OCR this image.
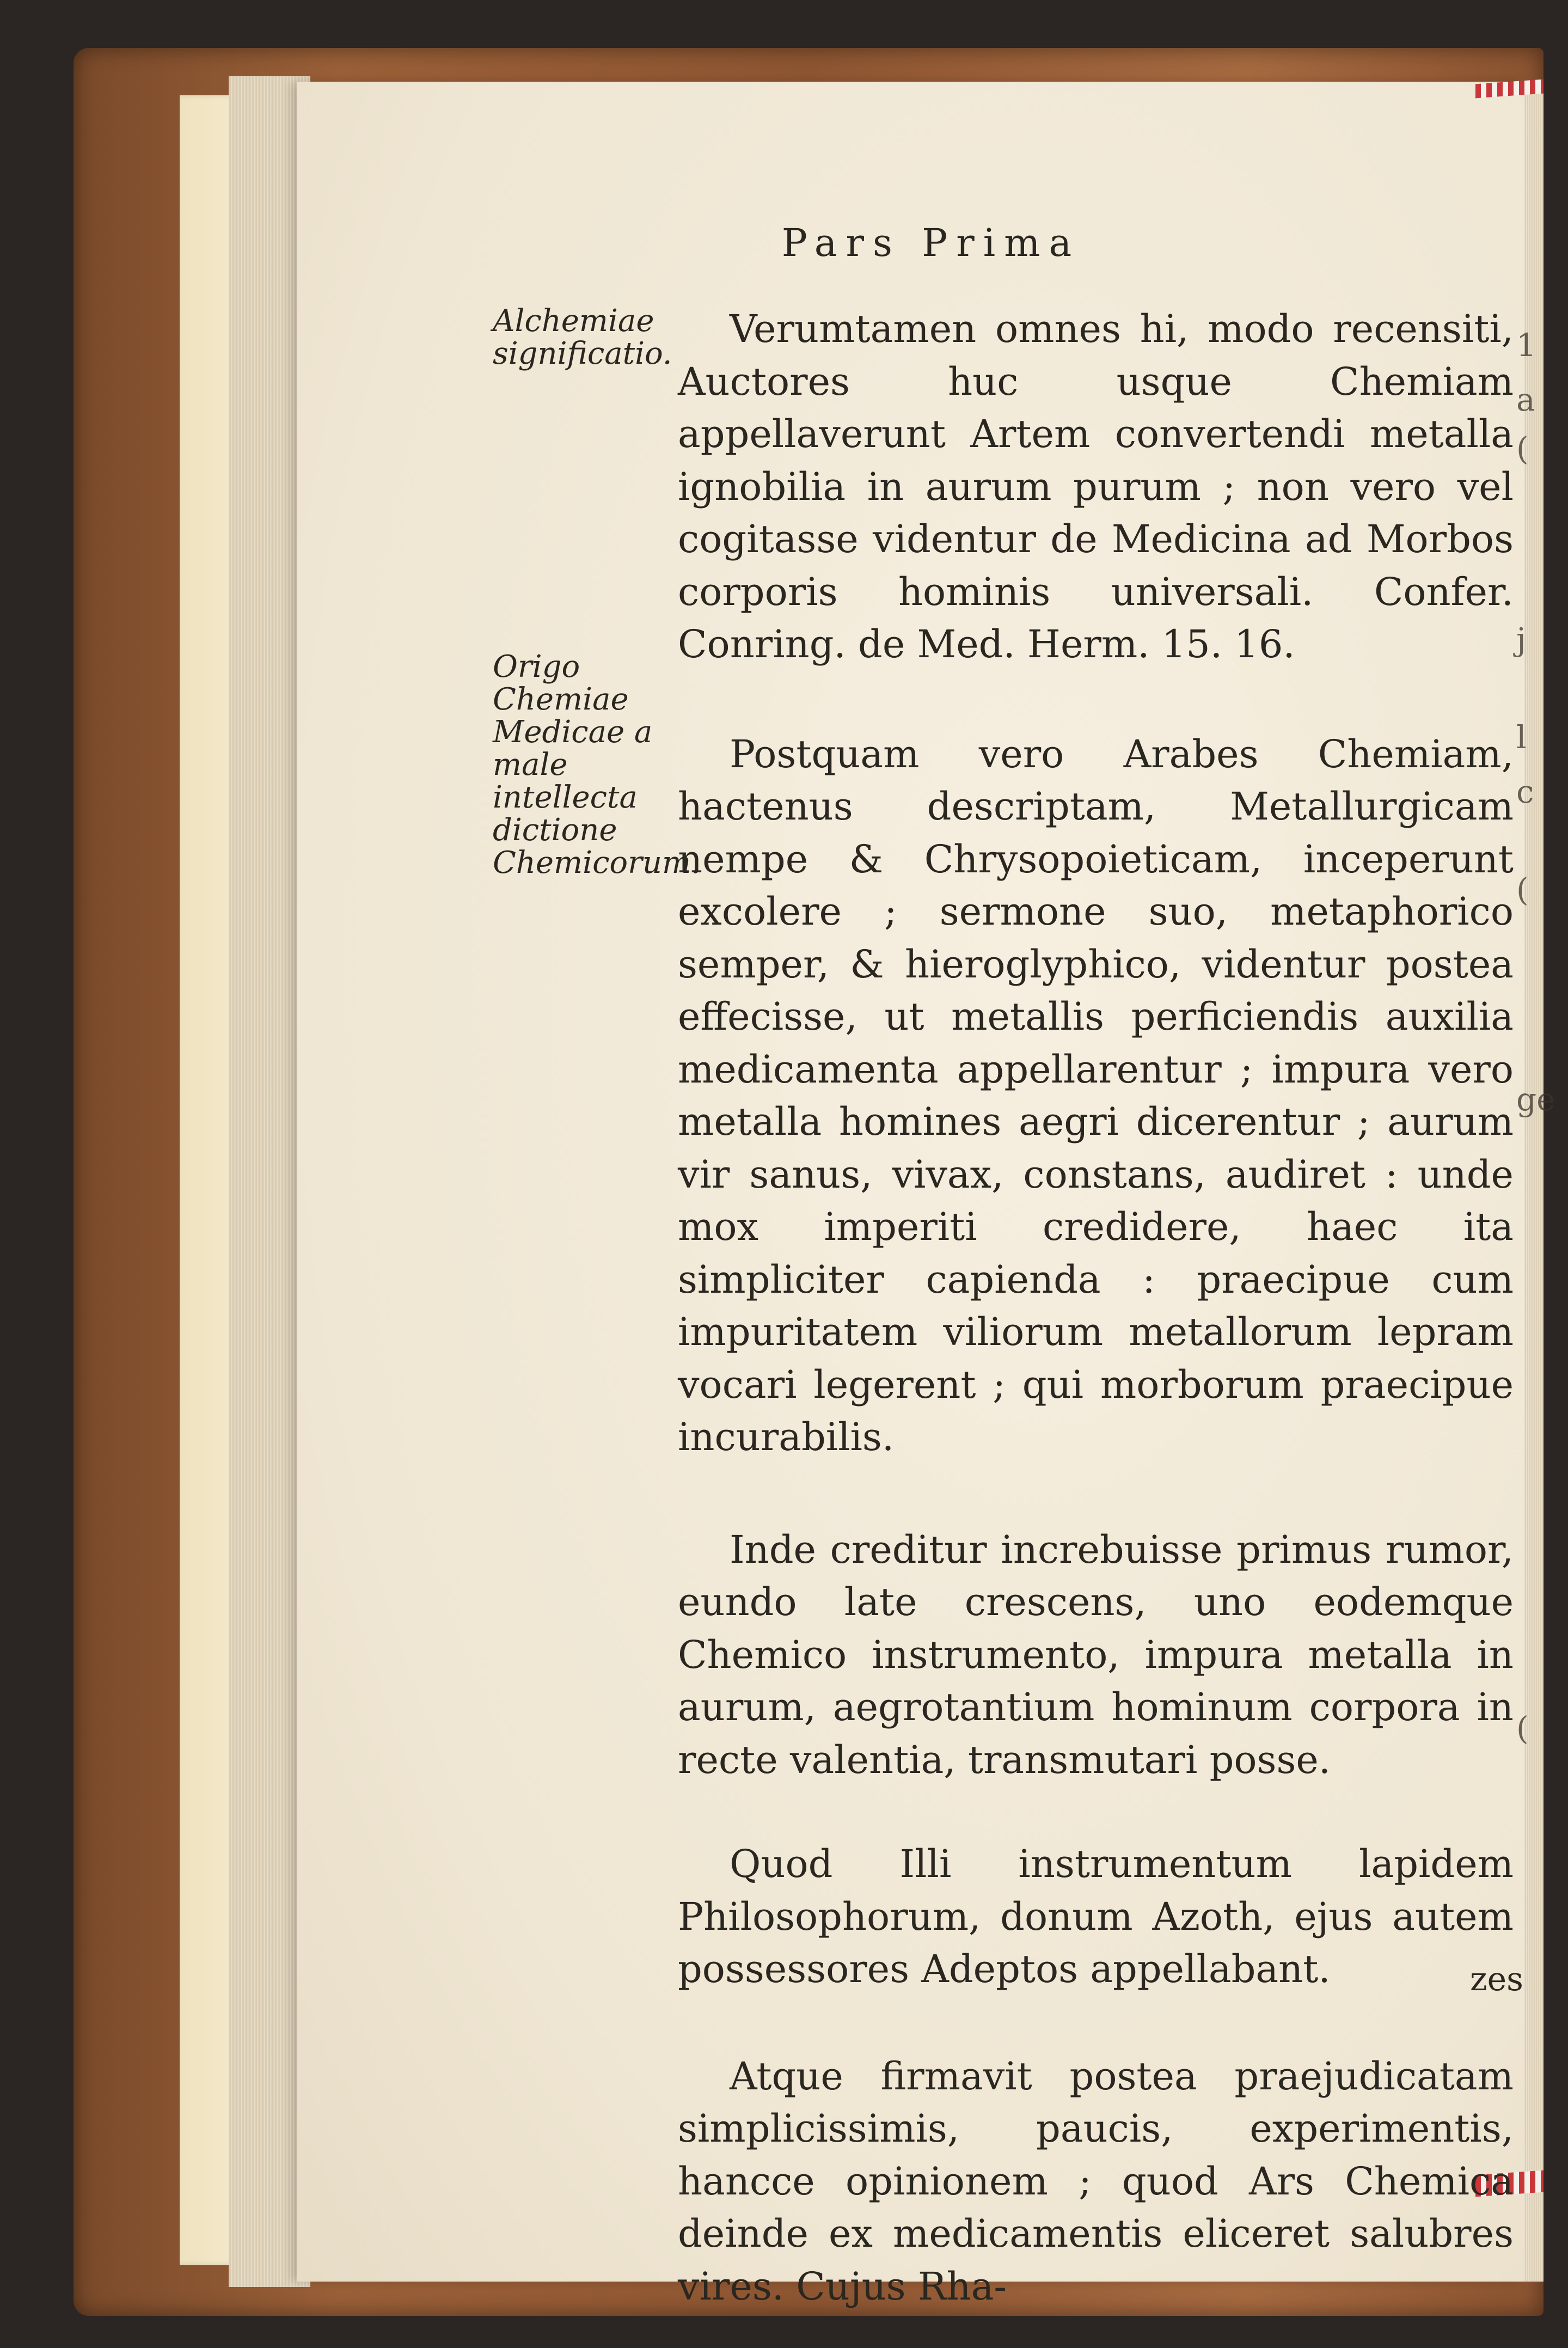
Pars Prima
Alchemiae significatio.
Origo Chemiae Medicae a male intellecta dictione Chemicorum.

Verumtamen omnes hi, modo recensiti, Auctores huc usque Chemiam appellaverunt Artem convertendi metalla ignobilia in aurum purum ; non vero vel cogitasse videntur de Medicina ad Morbos corporis hominis universali. Confer. Conring. de Med. Herm. 15. 16.

Postquam vero Arabes Chemiam, hactenus descriptam, Metallurgicam nempe & Chrysopoieticam, inceperunt excolere ; sermone suo, metaphorico semper, & hieroglyphico, videntur postea effecisse, ut metallis perficiendis auxilia medicamenta appellarentur ; impura vero metalla homines aegri dicerentur ; aurum vir sanus, vivax, constans, audiret : unde mox imperiti credidere, haec ita simpliciter capienda : praecipue cum impuritatem viliorum metallorum lepram vocari legerent ; qui morborum praecipue incurabilis.

Inde creditur increbuisse primus rumor, eundo late crescens, uno eodemque Chemico instrumento, impura metalla in aurum, aegrotantium hominum corpora in recte valentia, transmutari posse.

Quod Illi instrumentum lapidem Philosophorum, donum Azoth, ejus autem possessores Adeptos appellabant.

Atque firmavit postea praejudicatam simplicissimis, paucis, experimentis, hancce opinionem ; quod Ars Chemica deinde ex medicamentis eliceret salubres vires. Cujus Rha-

zes
1
a
(
j
l
c
(
ge
(
